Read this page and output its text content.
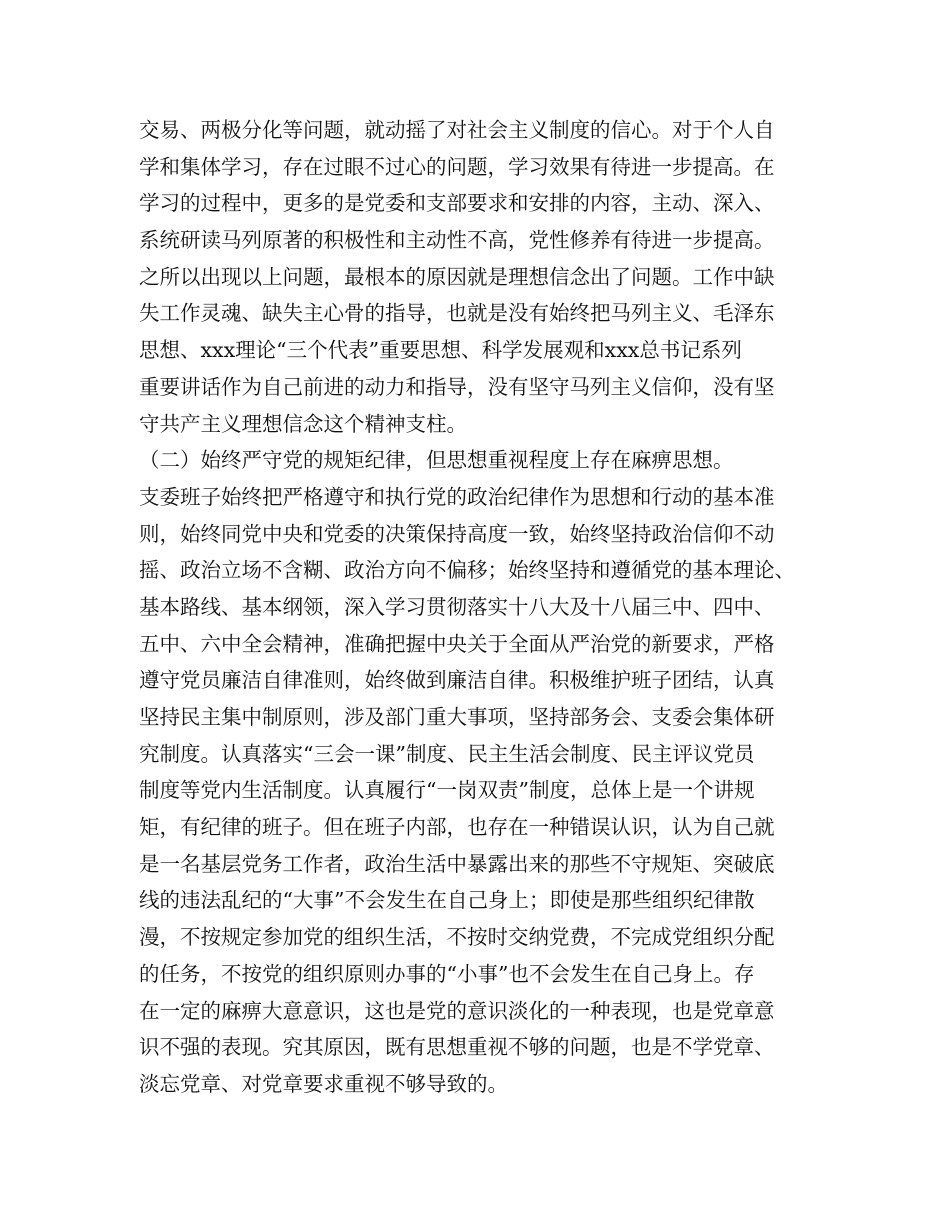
交易、两极分化等问题，就动摇了对社会主义制度的信心。对于个人自
学和集体学习，存在过眼不过心的问题，学习效果有待进一步提高。在
学习的过程中，更多的是党委和支部要求和安排的内容，主动、深入、
系统研读马列原著的积极性和主动性不高，党性修养有待进一步提高。
之所以出现以上问题，最根本的原因就是理想信念出了问题。工作中缺
失工作灵魂、缺失主心骨的指导，也就是没有始终把马列主义、毛泽东
思想、xxx理论“三个代表”重要思想、科学发展观和xxx总书记系列
重要讲话作为自己前进的动力和指导，没有坚守马列主义信仰，没有坚
守共产主义理想信念这个精神支柱。
（二）始终严守党的规矩纪律，但思想重视程度上存在麻痹思想。
支委班子始终把严格遵守和执行党的政治纪律作为思想和行动的基本准
则，始终同党中央和党委的决策保持高度一致，始终坚持政治信仰不动
摇、政治立场不含糊、政治方向不偏移；始终坚持和遵循党的基本理论、
基本路线、基本纲领，深入学习贯彻落实十八大及十八届三中、四中、
五中、六中全会精神，准确把握中央关于全面从严治党的新要求，严格
遵守党员廉洁自律准则，始终做到廉洁自律。积极维护班子团结，认真
坚持民主集中制原则，涉及部门重大事项，坚持部务会、支委会集体研
究制度。认真落实“三会一课”制度、民主生活会制度、民主评议党员
制度等党内生活制度。认真履行“一岗双责”制度，总体上是一个讲规
矩，有纪律的班子。但在班子内部，也存在一种错误认识，认为自己就
是一名基层党务工作者，政治生活中暴露出来的那些不守规矩、突破底
线的违法乱纪的“大事”不会发生在自己身上；即使是那些组织纪律散
漫，不按规定参加党的组织生活，不按时交纳党费，不完成党组织分配
的任务，不按党的组织原则办事的“小事”也不会发生在自己身上。存
在一定的麻痹大意意识，这也是党的意识淡化的一种表现，也是党章意
识不强的表现。究其原因，既有思想重视不够的问题，也是不学党章、
淡忘党章、对党章要求重视不够导致的。
